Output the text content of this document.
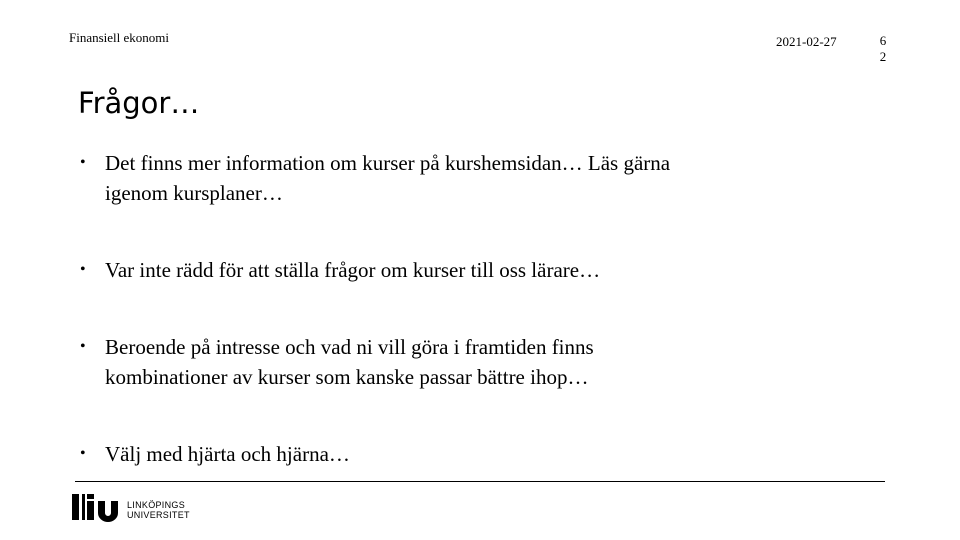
Finansiell ekonomi	2021-02-27	6
2
Frågor…
• Det finns mer information om kurser på kurshemsidan… Läs gärna
igenom kursplaner…
• Var inte rädd för att ställa frågor om kurser till oss lärare…
• Beroende på intresse och vad ni vill göra i framtiden finns
kombinationer av kurser som kanske passar bättre ihop…
• Välj med hjärta och hjärna…
LINKÖPINGS
UNIVERSITET
